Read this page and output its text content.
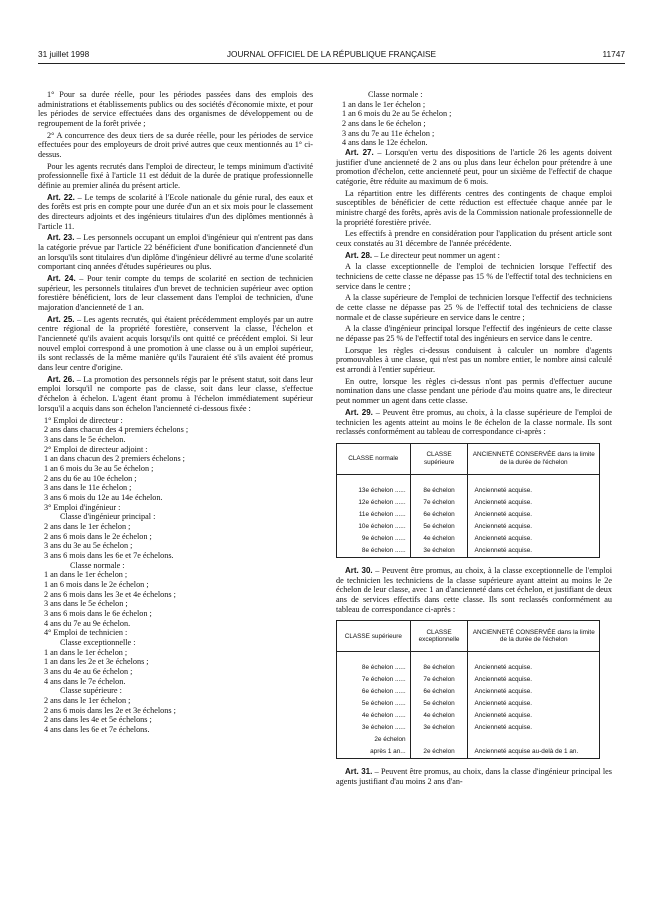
31 juillet 1998	JOURNAL OFFICIEL DE LA RÉPUBLIQUE FRANÇAISE	11747

1° Pour sa durée réelle, pour les périodes passées dans des emplois des administrations et établissements publics ou des sociétés d'économie mixte, et pour les périodes de service effectuées dans des organismes de développement ou de regroupement de la forêt privée ;

2° A concurrence des deux tiers de sa durée réelle, pour les périodes de service effectuées pour des employeurs de droit privé autres que ceux mentionnés au 1° ci-dessus.

Pour les agents recrutés dans l'emploi de directeur, le temps minimum d'activité professionnelle fixé à l'article 11 est déduit de la durée de pratique professionnelle définie au premier alinéa du présent article.

Art. 22. – Le temps de scolarité à l'Ecole nationale du génie rural, des eaux et des forêts est pris en compte pour une durée d'un an et six mois pour le classement des directeurs adjoints et des ingénieurs titulaires d'un des diplômes mentionnés à l'article 11.

Art. 23. – Les personnels occupant un emploi d'ingénieur qui n'entrent pas dans la catégorie prévue par l'article 22 bénéficient d'une bonification d'ancienneté d'un an lorsqu'ils sont titulaires d'un diplôme d'ingénieur délivré au terme d'une scolarité comportant cinq années d'études supérieures ou plus.

Art. 24. – Pour tenir compte du temps de scolarité en section de technicien supérieur, les personnels titulaires d'un brevet de technicien supérieur avec option forestière bénéficient, lors de leur classement dans l'emploi de technicien, d'une majoration d'ancienneté de 1 an.

Art. 25. – Les agents recrutés, qui étaient précédemment employés par un autre centre régional de la propriété forestière, conservent la classe, l'échelon et l'ancienneté qu'ils avaient acquis lorsqu'ils ont quitté ce précédent emploi. Si leur nouvel emploi correspond à une promotion à une classe ou à un emploi supérieur, ils sont reclassés de la même manière qu'ils l'auraient été s'ils avaient été promus dans leur centre d'origine.

Art. 26. – La promotion des personnels régis par le présent statut, soit dans leur emploi lorsqu'il ne comporte pas de classe, soit dans leur classe, s'effectue d'échelon à échelon. L'agent étant promu à l'échelon immédiatement supérieur lorsqu'il a acquis dans son échelon l'ancienneté ci-dessous fixée :

1° Emploi de directeur :
2 ans dans chacun des 4 premiers échelons ;
3 ans dans le 5e échelon.
2° Emploi de directeur adjoint :
1 an dans chacun des 2 premiers échelons ;
1 an 6 mois du 3e au 5e échelon ;
2 ans du 6e au 10e échelon ;
3 ans dans le 11e échelon ;
3 ans 6 mois du 12e au 14e échelon.
3° Emploi d'ingénieur :
Classe d'ingénieur principal :
2 ans dans le 1er échelon ;
2 ans 6 mois dans le 2e échelon ;
3 ans du 3e au 5e échelon ;
3 ans 6 mois dans les 6e et 7e échelons.
Classe normale :
1 an dans le 1er échelon ;
1 an 6 mois dans le 2e échelon ;
2 ans 6 mois dans les 3e et 4e échelons ;
3 ans dans le 5e échelon ;
3 ans 6 mois dans le 6e échelon ;
4 ans du 7e au 9e échelon.
4° Emploi de technicien :
Classe exceptionnelle :
1 an dans le 1er échelon ;
1 an dans les 2e et 3e échelons ;
3 ans du 4e au 6e échelon ;
4 ans dans le 7e échelon.
Classe supérieure :
2 ans dans le 1er échelon ;
2 ans 6 mois dans les 2e et 3e échelons ;
2 ans dans les 4e et 5e échelons ;
4 ans dans les 6e et 7e échelons.
Classe normale :
1 an dans le 1er échelon ;
1 an 6 mois du 2e au 5e échelon ;
2 ans dans le 6e échelon ;
3 ans du 7e au 11e échelon ;
4 ans dans le 12e échelon.

Art. 27. – Lorsqu'en vertu des dispositions de l'article 26 les agents doivent justifier d'une ancienneté de 2 ans ou plus dans leur échelon pour prétendre à une promotion d'échelon, cette ancienneté peut, pour un sixième de l'effectif de chaque catégorie, être réduite au maximum de 6 mois.

La répartition entre les différents centres des contingents de chaque emploi susceptibles de bénéficier de cette réduction est effectuée chaque année par le ministre chargé des forêts, après avis de la Commission nationale professionnelle de la propriété forestière privée.

Les effectifs à prendre en considération pour l'application du présent article sont ceux constatés au 31 décembre de l'année précédente.

Art. 28. – Le directeur peut nommer un agent :

A la classe exceptionnelle de l'emploi de technicien lorsque l'effectif des techniciens de cette classe ne dépasse pas 15 % de l'effectif total des techniciens en service dans le centre ;

A la classe supérieure de l'emploi de technicien lorsque l'effectif des techniciens de cette classe ne dépasse pas 25 % de l'effectif total des techniciens de classe normale et de classe supérieure en service dans le centre ;

A la classe d'ingénieur principal lorsque l'effectif des ingénieurs de cette classe ne dépasse pas 25 % de l'effectif total des ingénieurs en service dans le centre.

Lorsque les règles ci-dessus conduisent à calculer un nombre d'agents promouvables à une classe, qui n'est pas un nombre entier, le nombre ainsi calculé est arrondi à l'entier supérieur.

En outre, lorsque les règles ci-dessus n'ont pas permis d'effectuer aucune nomination dans une classe pendant une période d'au moins quatre ans, le directeur peut nommer un agent dans cette classe.

Art. 29. – Peuvent être promus, au choix, à la classe supérieure de l'emploi de technicien les agents atteint au moins le 8e échelon de la classe normale. Ils sont reclassés conformément au tableau de correspondance ci-après :

CLASSE normale	CLASSE supérieure	ANCIENNETÉ CONSERVÉE dans la limite de la durée de l'échelon

13e échelon ......	8e échelon	Ancienneté acquise.
12e échelon ......	7e échelon	Ancienneté acquise.
11e échelon ......	6e échelon	Ancienneté acquise.
10e échelon ......	5e échelon	Ancienneté acquise.
9e échelon ......	4e échelon	Ancienneté acquise.
8e échelon ......	3e échelon	Ancienneté acquise.

Art. 30. – Peuvent être promus, au choix, à la classe exceptionnelle de l'emploi de technicien les techniciens de la classe supérieure ayant atteint au moins le 2e échelon de leur classe, avec 1 an d'ancienneté dans cet échelon, et justifiant de deux ans de services effectifs dans cette classe. Ils sont reclassés conformément au tableau de correspondance ci-après :

CLASSE supérieure	CLASSE exceptionnelle	ANCIENNETÉ CONSERVÉE dans la limite de la durée de l'échelon

8e échelon ......	8e échelon	Ancienneté acquise.
7e échelon ......	7e échelon	Ancienneté acquise.
6e échelon ......	6e échelon	Ancienneté acquise.
5e échelon ......	5e échelon	Ancienneté acquise.
4e échelon ......	4e échelon	Ancienneté acquise.
3e échelon ......	3e échelon	Ancienneté acquise.
2e échelon		
après 1 an...	2e échelon	Ancienneté acquise au-delà de 1 an.

Art. 31. – Peuvent être promus, au choix, dans la classe d'ingénieur principal les agents justifiant d'au moins 2 ans d'an-
